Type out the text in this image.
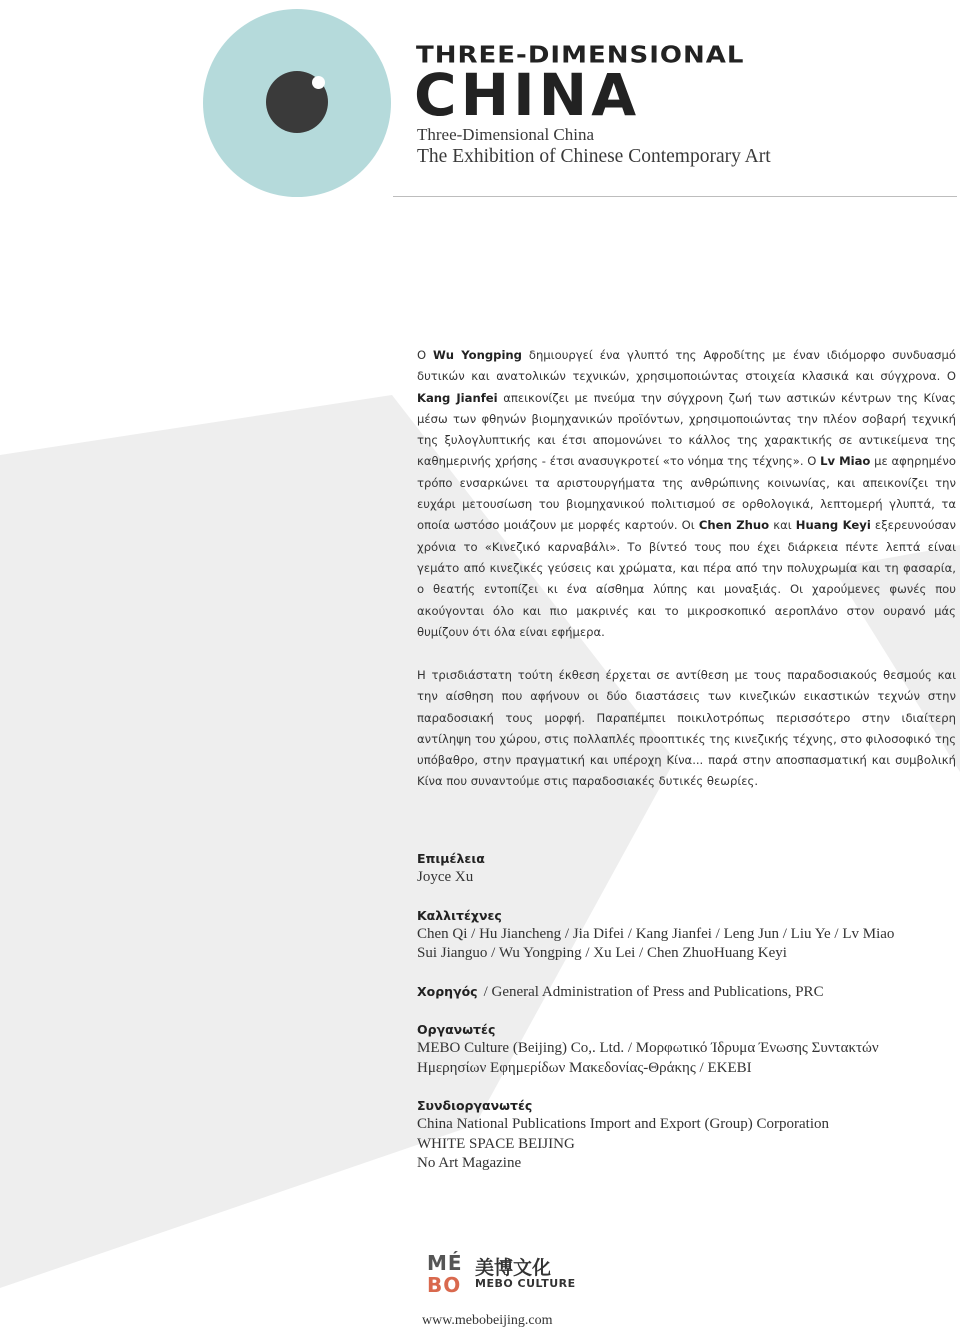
THREE-DIMENSIONAL
CHINA
Three-Dimensional China
The Exhibition of Chinese Contemporary Art
Ο Wu Yongping δημιουργεί ένα γλυπτό της Αφροδίτης με έναν ιδιόμορφο συνδυασμό δυτικών και ανατολικών τεχνικών, χρησιμοποιώντας στοιχεία κλασικά και σύγχρονα. Ο Kang Jianfei απεικονίζει με πνεύμα την σύγχρονη ζωή των αστικών κέντρων της Κίνας μέσω των φθηνών βιομηχανικών προϊόντων, χρησιμοποιώντας την πλέον σοβαρή τεχνική της ξυλογλυπτικής και έτσι απομονώνει το κάλλος της χαρακτικής σε αντικείμενα της καθημερινής χρήσης - έτσι ανασυγκροτεί «το νόημα της τέχνης». Ο Lv Miao με αφηρημένο τρόπο ενσαρκώνει τα αριστουργήματα της ανθρώπινης κοινωνίας, και απεικονίζει την ευχάρι μετουσίωση του βιομηχανικού πολιτισμού σε ορθολογικά, λεπτομερή γλυπτά, τα οποία ωστόσο μοιάζουν με μορφές καρτούν. Οι Chen Zhuo και Huang Keyi εξερευνούσαν χρόνια το «Κινεζικό καρναβάλι». Το βίντεό τους που έχει διάρκεια πέντε λεπτά είναι γεμάτο από κινεζικές γεύσεις και χρώματα, και πέρα από την πολυχρωμία και τη φασαρία, ο θεατής εντοπίζει κι ένα αίσθημα λύπης και μοναξιάς. Οι χαρούμενες φωνές που ακούγονται όλο και πιο μακρινές και το μικροσκοπικό αεροπλάνο στον ουρανό μάς θυμίζουν ότι όλα είναι εφήμερα.
Η τρισδιάστατη τούτη έκθεση έρχεται σε αντίθεση με τους παραδοσιακούς θεσμούς και την αίσθηση που αφήνουν οι δύο διαστάσεις των κινεζικών εικαστικών τεχνών στην παραδοσιακή τους μορφή. Παραπέμπει ποικιλοτρόπως περισσότερο στην ιδιαίτερη αντίληψη του χώρου, στις πολλαπλές προοπτικές της κινεζικής τέχνης, στο φιλοσοφικό της υπόβαθρο, στην πραγματική και υπέροχη Κίνα... παρά στην αποσπασματική και συμβολική Κίνα που συναντούμε στις παραδοσιακές δυτικές θεωρίες.
Επιμέλεια
Joyce Xu
Καλλιτέχνες
Chen Qi / Hu Jiancheng / Jia Difei / Kang Jianfei / Leng Jun / Liu Ye / Lv Miao
Sui Jianguo / Wu Yongping / Xu Lei / Chen ZhuoHuang Keyi
Χορηγός / General Administration of Press and Publications, PRC
Οργανωτές
MEBO Culture (Beijing) Co,. Ltd. / Μορφωτικό Ίδρυμα Ένωσης Συντακτών
Ημερησίων Εφημερίδων Μακεδονίας-Θράκης / ΕΚΕΒΙ
Συνδιοργανωτές
China National Publications Import and Export (Group) Corporation
WHITE SPACE BEIJING
No Art Magazine
MÉ
BO
美博文化
MEBO CULTURE
www.mebobeijing.com
